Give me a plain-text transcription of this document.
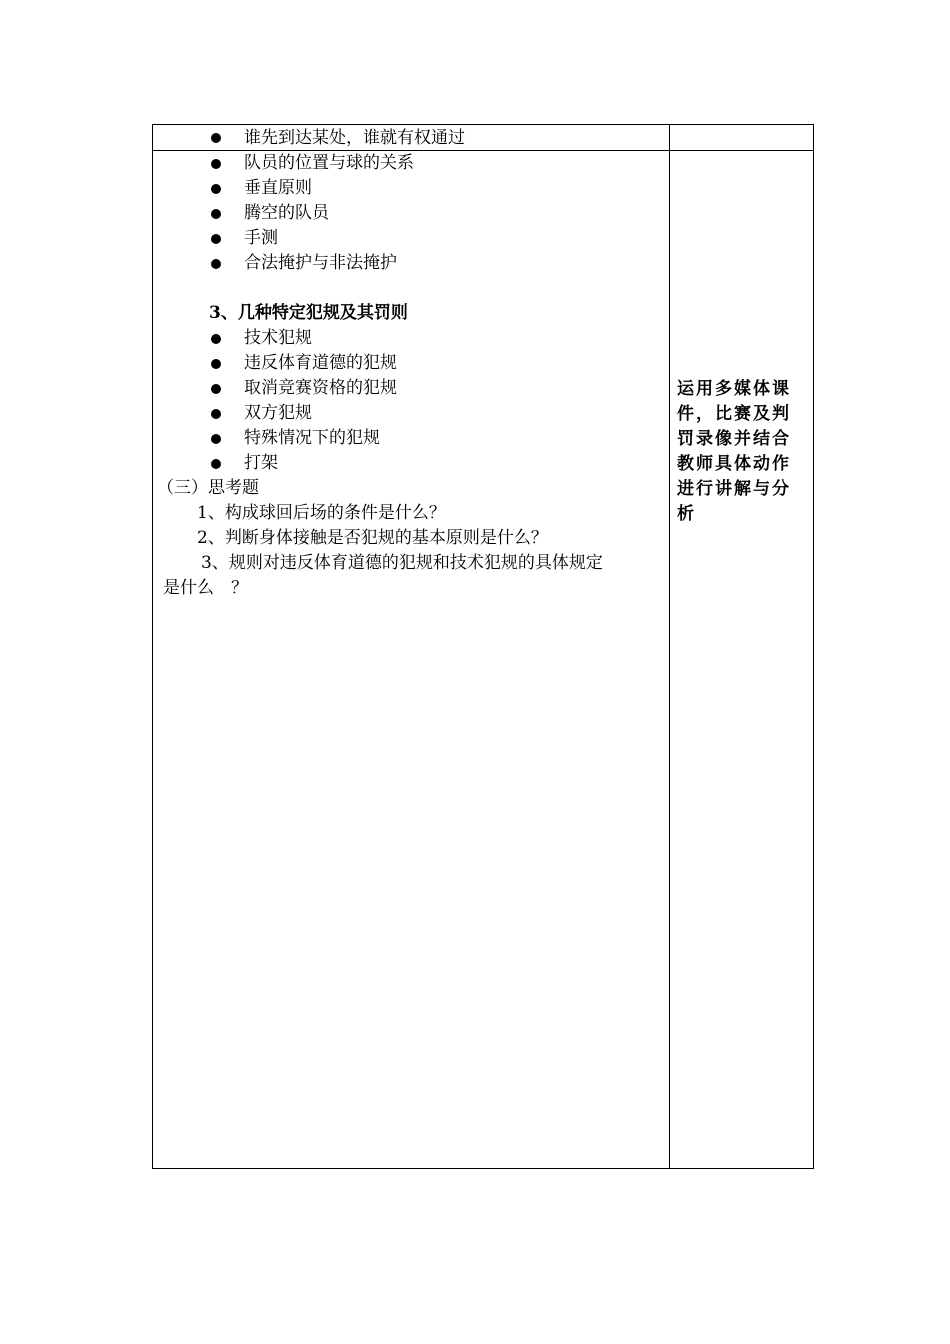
谁先到达某处，谁就有权通过
队员的位置与球的关系
垂直原则
腾空的队员
手测
合法掩护与非法掩护
3、几种特定犯规及其罚则
技术犯规
违反体育道德的犯规
取消竞赛资格的犯规
双方犯规
特殊情况下的犯规
打架
（三）思考题
1、构成球回后场的条件是什么？
2、判断身体接触是否犯规的基本原则是什么？
3、规则对违反体育道德的犯规和技术犯规的具体规定
是什么　？
运用多媒体课件，比赛及判罚录像并结合教师具体动作进行讲解与分析
